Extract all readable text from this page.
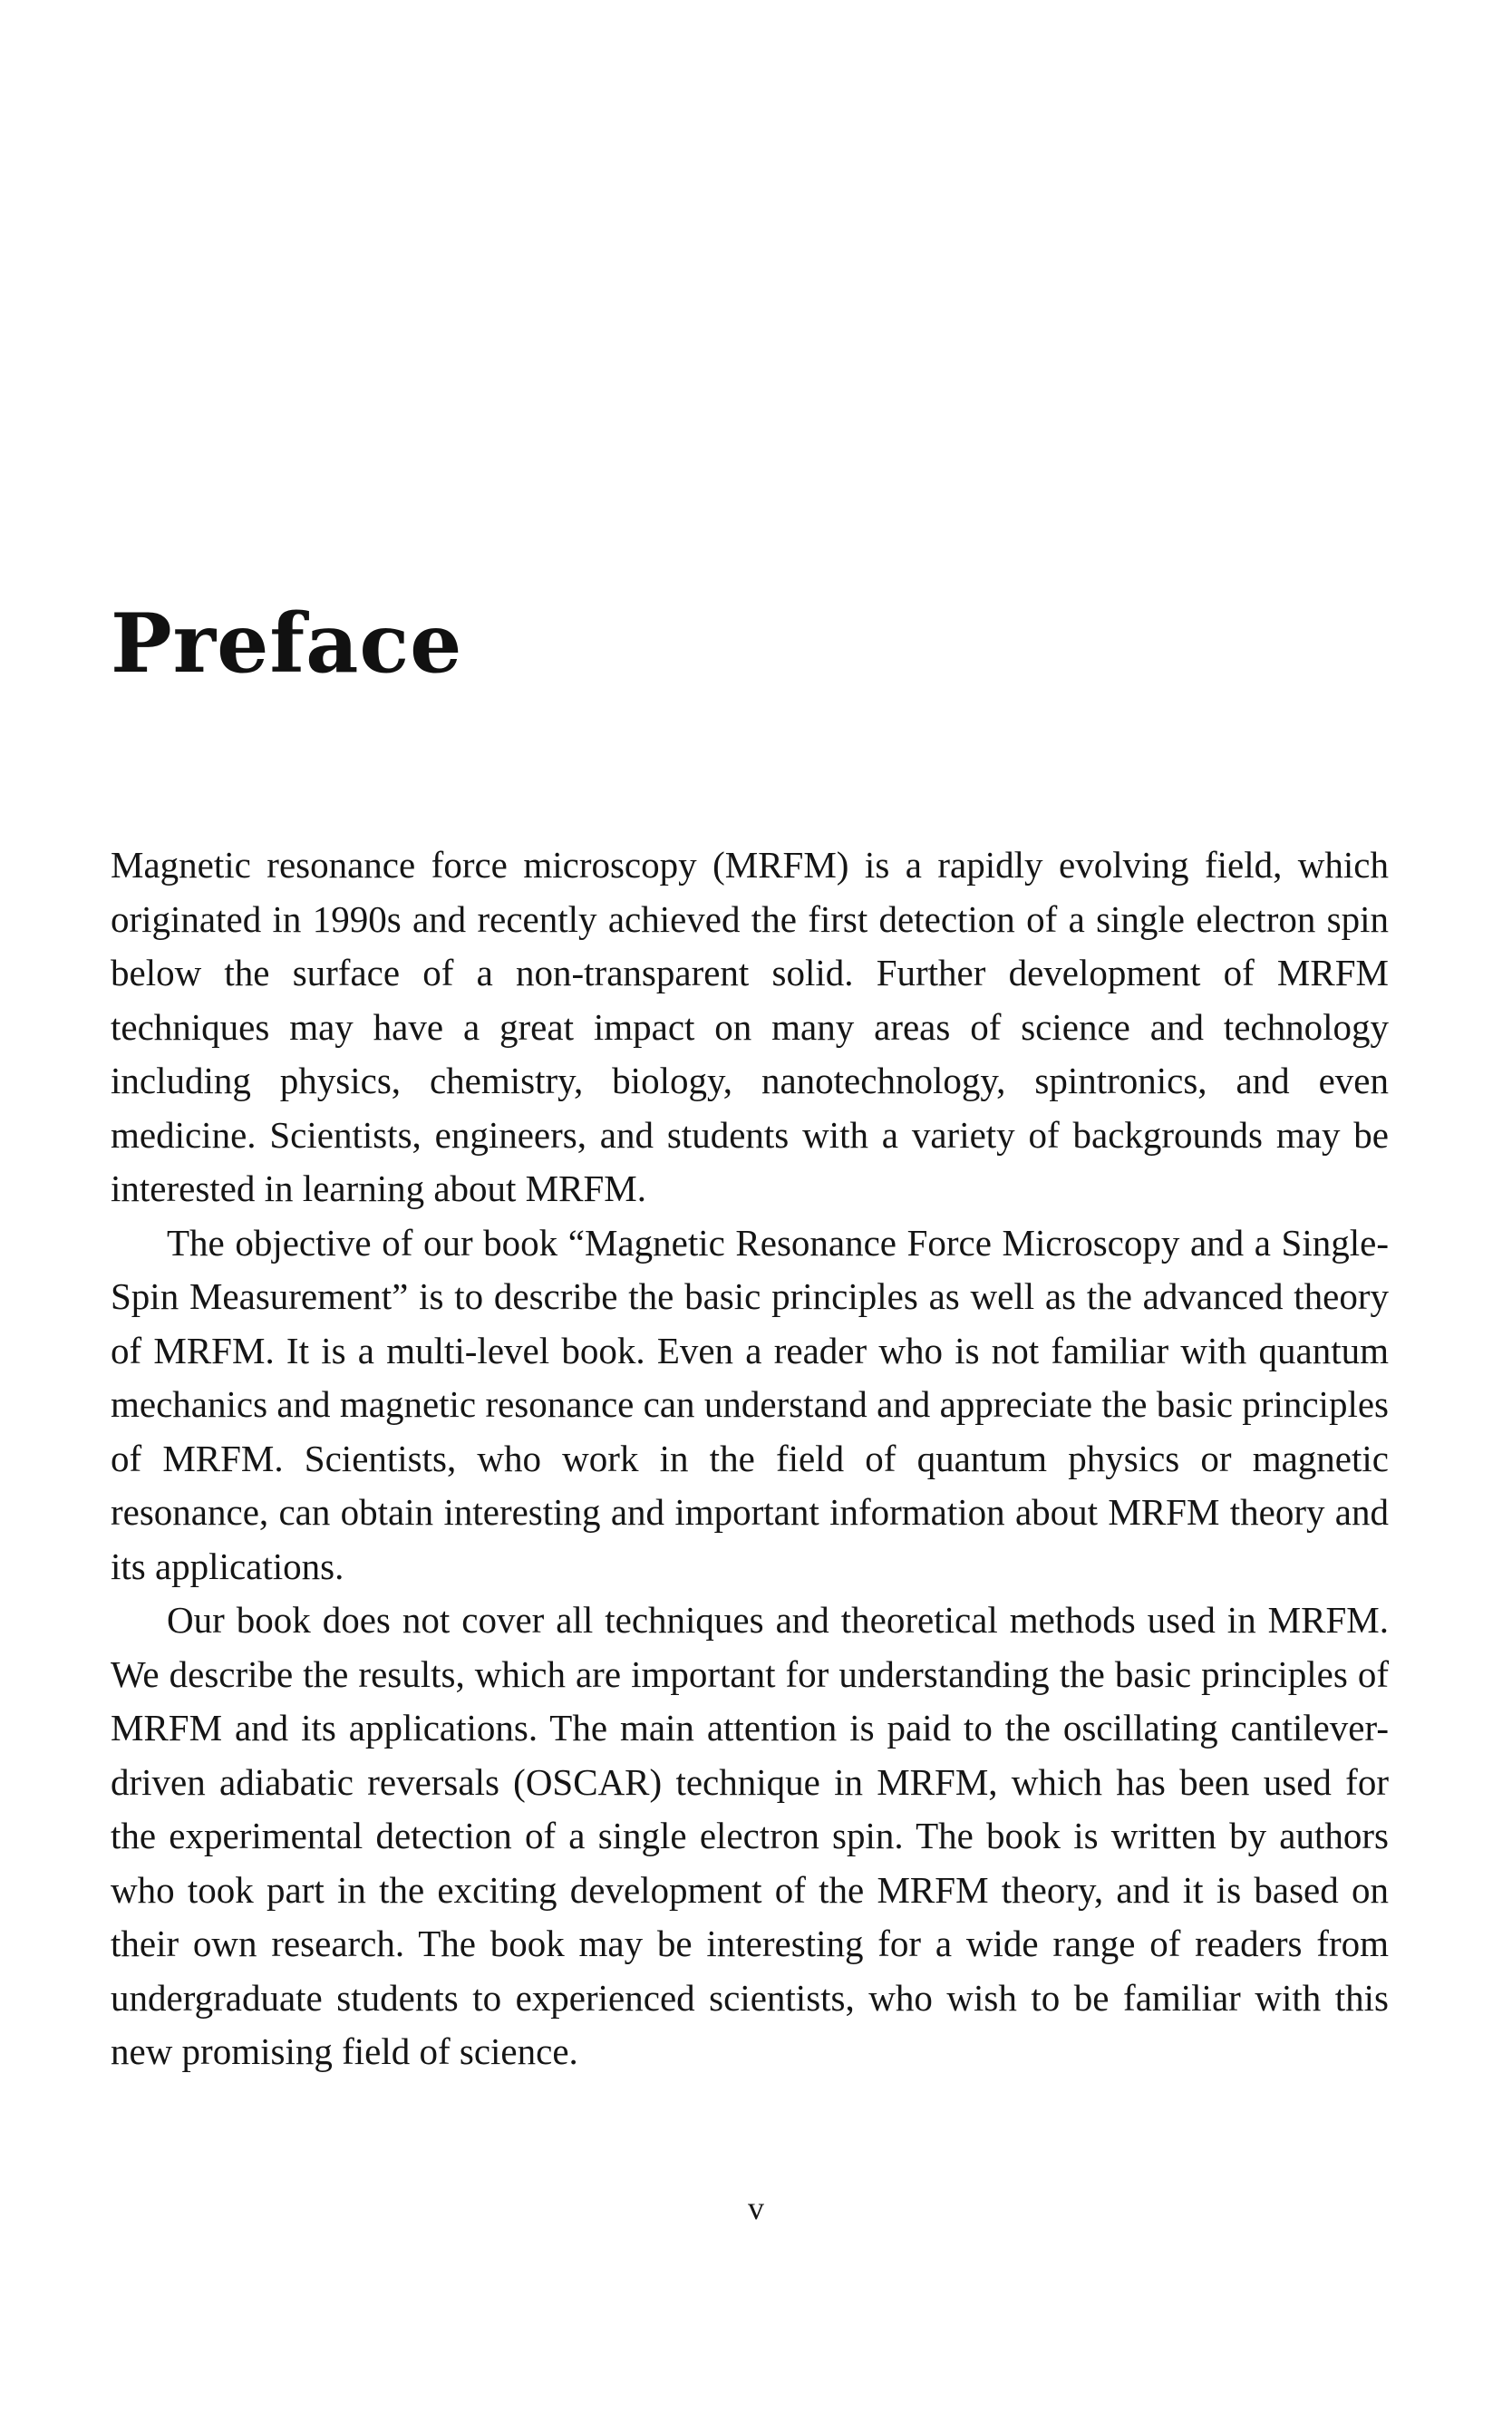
Preface

Magnetic resonance force microscopy (MRFM) is a rapidly evolving field, which originated in 1990s and recently achieved the first detection of a single electron spin below the surface of a non-transparent solid. Further development of MRFM techniques may have a great impact on many areas of science and technology including physics, chemistry, biology, nanotechnology, spintronics, and even medicine. Scientists, engineers, and students with a variety of backgrounds may be interested in learning about MRFM.

The objective of our book “Magnetic Resonance Force Microscopy and a Single-Spin Measurement” is to describe the basic principles as well as the advanced theory of MRFM. It is a multi-level book. Even a reader who is not familiar with quantum mechanics and magnetic resonance can understand and appreciate the basic principles of MRFM. Scientists, who work in the field of quantum physics or magnetic resonance, can obtain interesting and important information about MRFM theory and its applications.

Our book does not cover all techniques and theoretical methods used in MRFM. We describe the results, which are important for understanding the basic principles of MRFM and its applications. The main attention is paid to the oscillating cantilever-driven adiabatic reversals (OSCAR) technique in MRFM, which has been used for the experimental detection of a single electron spin. The book is written by authors who took part in the exciting development of the MRFM theory, and it is based on their own research. The book may be interesting for a wide range of readers from undergraduate students to experienced scientists, who wish to be familiar with this new promising field of science.

v
